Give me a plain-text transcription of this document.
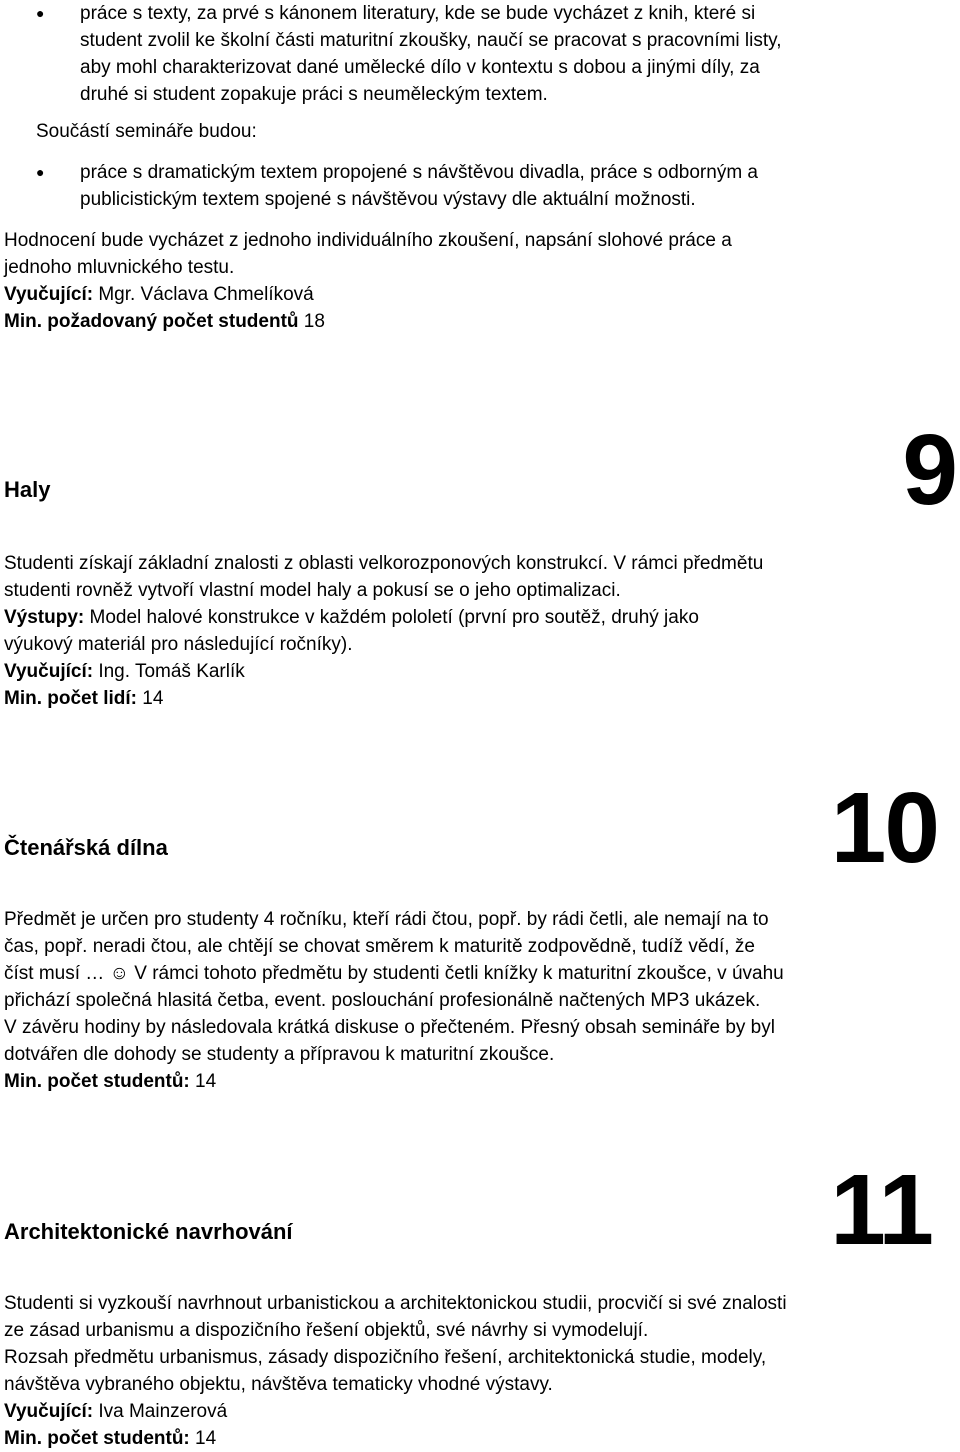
● práce s texty, za prvé s kánonem literatury, kde se bude vycházet z knih, které si
student zvolil ke školní části maturitní zkoušky, naučí se pracovat s pracovními listy,
aby mohl charakterizovat dané umělecké dílo v kontextu s dobou a jinými díly, za
druhé si student zopakuje práci s neuměleckým textem.
Součástí semináře budou:
● práce s dramatickým textem propojené s návštěvou divadla, práce s odborným a
publicistickým textem spojené s návštěvou výstavy dle aktuální možnosti.
Hodnocení bude vycházet z jednoho individuálního zkoušení, napsání slohové práce a
jednoho mluvnického testu.
Vyučující: Mgr. Václava Chmelíková
Min. požadovaný počet studentů 18
Haly	9
Studenti získají základní znalosti z oblasti velkorozponových konstrukcí. V rámci předmětu
studenti rovněž vytvoří vlastní model haly a pokusí se o jeho optimalizaci.
Výstupy: Model halové konstrukce v každém pololetí (první pro soutěž, druhý jako
výukový materiál pro následující ročníky).
Vyučující: Ing. Tomáš Karlík
Min. počet lidí: 14
Čtenářská dílna	10
Předmět je určen pro studenty 4 ročníku, kteří rádi čtou, popř. by rádi četli, ale nemají na to
čas, popř. neradi čtou, ale chtějí se chovat směrem k maturitě zodpovědně, tudíž vědí, že
číst musí … ☺ V rámci tohoto předmětu by studenti četli knížky k maturitní zkoušce, v úvahu
přichází společná hlasitá četba, event. poslouchání profesionálně načtených MP3 ukázek.
V závěru hodiny by následovala krátká diskuse o přečteném. Přesný obsah semináře by byl
dotvářen dle dohody se studenty a přípravou k maturitní zkoušce.
Min. počet studentů: 14
Architektonické navrhování	11
Studenti si vyzkouší navrhnout urbanistickou a architektonickou studii, procvičí si své znalosti
ze zásad urbanismu a dispozičního řešení objektů, své návrhy si vymodelují.
Rozsah předmětu urbanismus, zásady dispozičního řešení, architektonická studie, modely,
návštěva vybraného objektu, návštěva tematicky vhodné výstavy.
Vyučující: Iva Mainzerová
Min. počet studentů: 14
